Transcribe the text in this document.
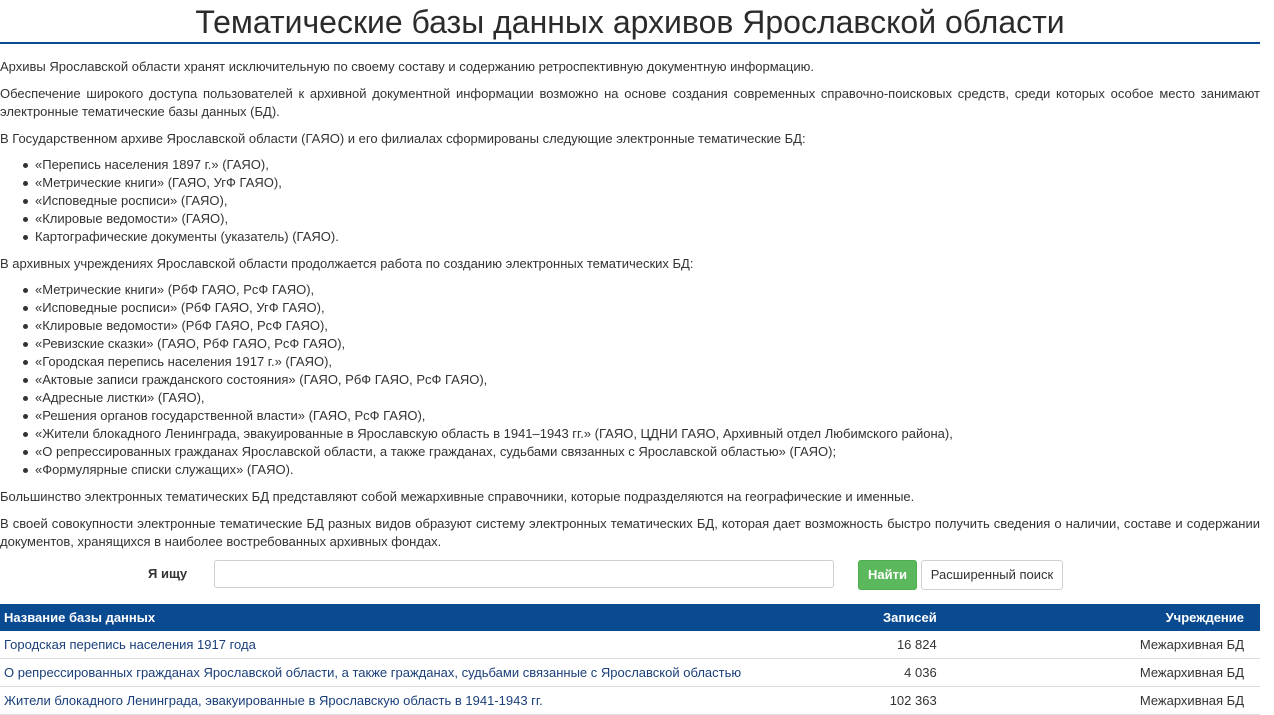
Тематические базы данных архивов Ярославской области

Архивы Ярославской области хранят исключительную по своему составу и содержанию ретроспективную документную информацию.

Обеспечение широкого доступа пользователей к архивной документной информации возможно на основе создания современных справочно-поисковых средств, среди которых особое место занимают электронные тематические базы данных (БД).

В Государственном архиве Ярославской области (ГАЯО) и его филиалах сформированы следующие электронные тематические БД:

«Перепись населения 1897 г.» (ГАЯО),
«Метрические книги» (ГАЯО, УгФ ГАЯО),
«Исповедные росписи» (ГАЯО),
«Клировые ведомости» (ГАЯО),
Картографические документы (указатель) (ГАЯО).

В архивных учреждениях Ярославской области продолжается работа по созданию электронных тематических БД:

«Метрические книги» (РбФ ГАЯО, РсФ ГАЯО),
«Исповедные росписи» (РбФ ГАЯО, УгФ ГАЯО),
«Клировые ведомости» (РбФ ГАЯО, РсФ ГАЯО),
«Ревизские сказки» (ГАЯО, РбФ ГАЯО, РсФ ГАЯО),
«Городская перепись населения 1917 г.» (ГАЯО),
«Актовые записи гражданского состояния» (ГАЯО, РбФ ГАЯО, РсФ ГАЯО),
«Адресные листки» (ГАЯО),
«Решения органов государственной власти» (ГАЯО, РсФ ГАЯО),
«Жители блокадного Ленинграда, эвакуированные в Ярославскую область в 1941–1943 гг.» (ГАЯО, ЦДНИ ГАЯО, Архивный отдел Любимского района),
«О репрессированных гражданах Ярославской области, а также гражданах, судьбами связанных с Ярославской областью» (ГАЯО);
«Формулярные списки служащих» (ГАЯО).

Большинство электронных тематических БД представляют собой межархивные справочники, которые подразделяются на географические и именные.

В своей совокупности электронные тематические БД разных видов образуют систему электронных тематических БД, которая дает возможность быстро получить сведения о наличии, составе и содержании документов, хранящихся в наиболее востребованных архивных фондах.

Я ищу	Найти	Расширенный поиск
Название базы данных	Записей	Учреждение
Городская перепись населения 1917 года	16 824	Межархивная БД
О репрессированных гражданах Ярославской области, а также гражданах, судьбами связанные с Ярославской областью	4 036	Межархивная БД
Жители блокадного Ленинграда, эвакуированные в Ярославскую область в 1941-1943 гг.	102 363	Межархивная БД
